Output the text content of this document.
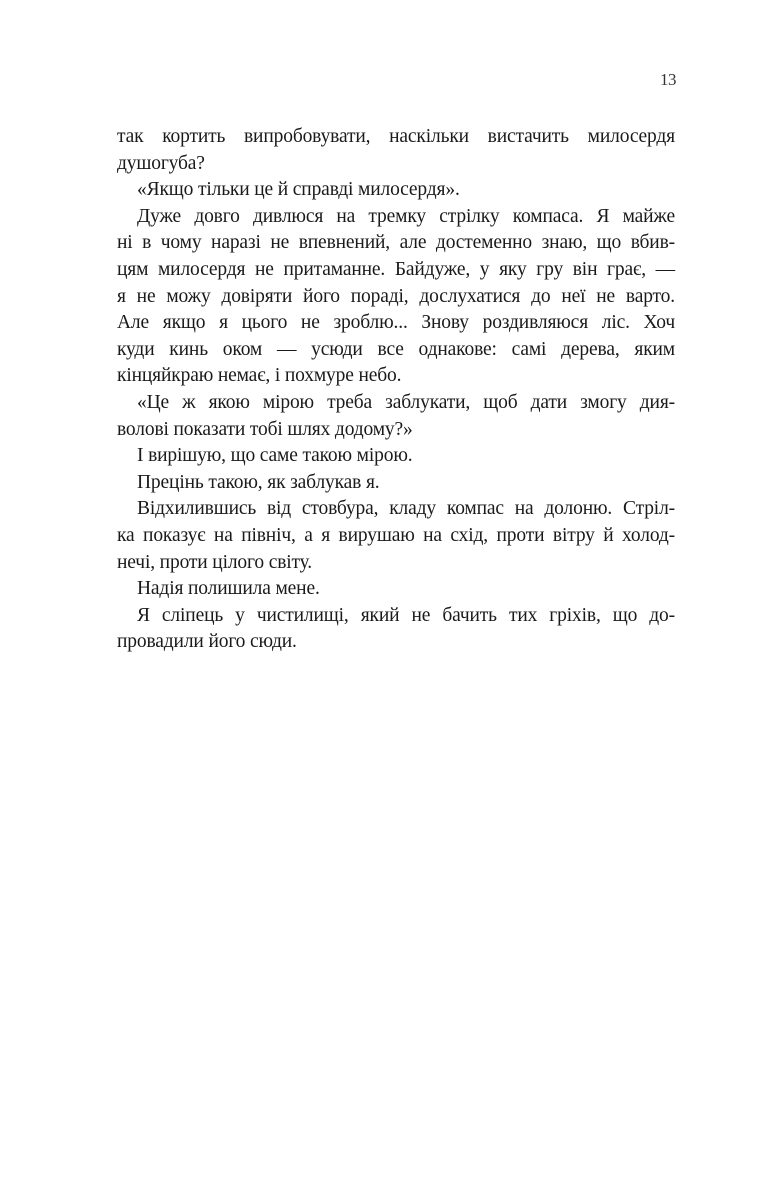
13
так кортить випробовувати, наскільки вистачить милосердя
душогуба?
«Якщо тільки це й справді милосердя».
Дуже довго дивлюся на тремку стрілку компаса. Я майже
ні в чому наразі не впевнений, але достеменно знаю, що вбив-
цям милосердя не притаманне. Байдуже, у яку гру він грає, —
я не можу довіряти його пораді, дослухатися до неї не варто.
Але якщо я цього не зроблю... Знову роздивляюся ліс. Хоч
куди кинь оком — усюди все однакове: самі дерева, яким
кінцяйкраю немає, і похмуре небо.
«Це ж якою мірою треба заблукати, щоб дати змогу дия-
волові показати тобі шлях додому?»
І вирішую, що саме такою мірою.
Прецінь такою, як заблукав я.
Відхилившись від стовбура, кладу компас на долоню. Стріл-
ка показує на північ, а я вирушаю на схід, проти вітру й холод-
нечі, проти цілого світу.
Надія полишила мене.
Я сліпець у чистилищі, який не бачить тих гріхів, що до-
провадили його сюди.
